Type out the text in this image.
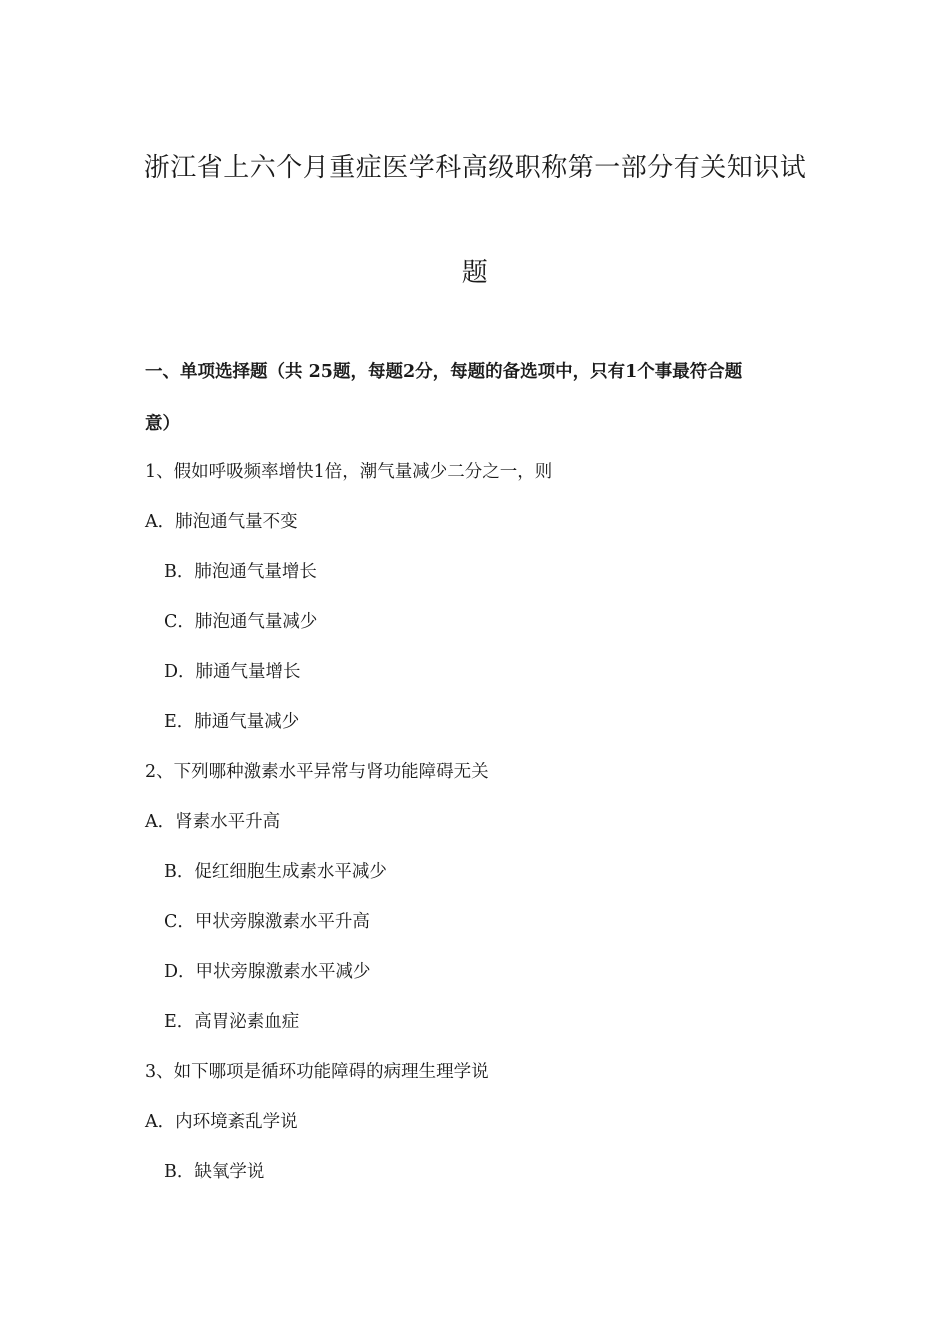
浙江省上六个月重症医学科高级职称第一部分有关知识试
题
一、单项选择题（共 25题，每题2分，每题的备选项中，只有1个事最符合题
意）
1、假如呼吸频率增快1倍，潮气量减少二分之一，则
A．肺泡通气量不变
B．肺泡通气量增长
C．肺泡通气量减少
D．肺通气量增长
E．肺通气量减少
2、下列哪种激素水平异常与肾功能障碍无关
A．肾素水平升高
B．促红细胞生成素水平减少
C．甲状旁腺激素水平升高
D．甲状旁腺激素水平减少
E．高胃泌素血症
3、如下哪项是循环功能障碍的病理生理学说
A．内环境紊乱学说
B．缺氧学说
